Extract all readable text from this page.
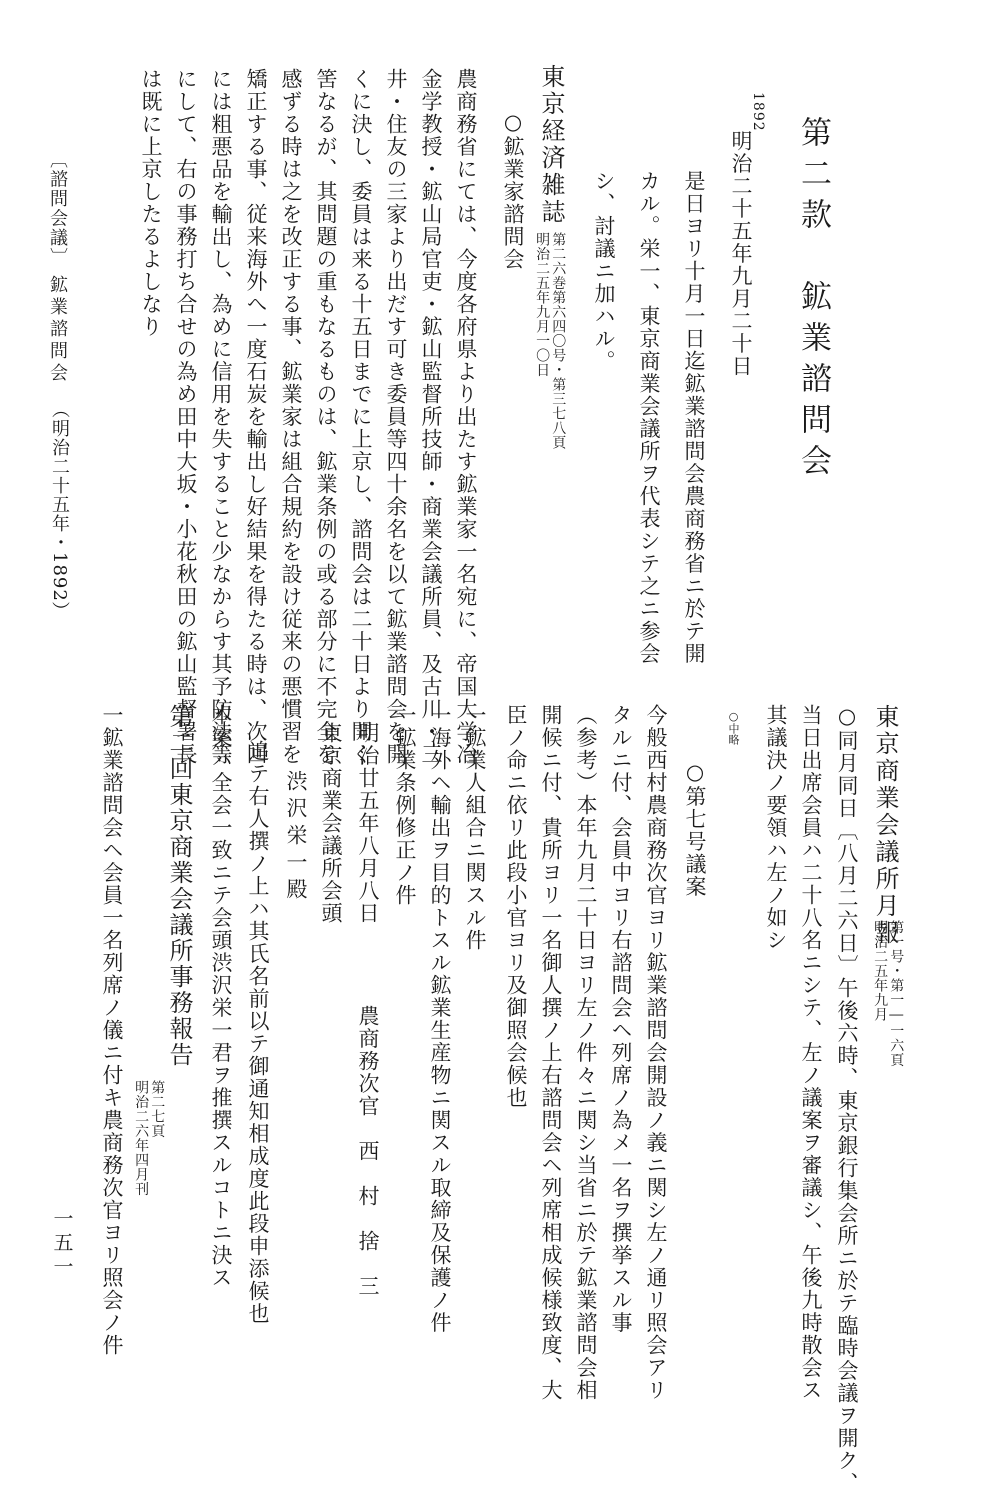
第二款　鉱業諮問会
1892
明治二十五年九月二十日
是日ヨリ十月一日迄鉱業諮問会農商務省ニ於テ開
カル。栄一、東京商業会議所ヲ代表シテ之ニ参会
シ、討議ニ加ハル。
東京経済雑誌
第二六巻第六四〇号・第三七八頁
明治二五年九月一〇日
○鉱業家諮問会
農商務省にては、今度各府県より出たす鉱業家一名宛に、帝国大学冶
金学教授・鉱山局官吏・鉱山監督所技師・商業会議所員、及古川・三
井・住友の三家より出だす可き委員等四十余名を以て鉱業諮問会を開
くに決し、委員は来る十五日までに上京し、諮問会は二十日より開く
筈なるが、其問題の重もなるものは、鉱業条例の或る部分に不完全を
感ずる時は之を改正する事、鉱業家は組合規約を設け従来の悪慣習を
矯正する事、従来海外へ一度石炭を輸出し好結果を得たる時は、次回
には粗悪品を輸出し、為めに信用を失すること少なからす其予防法等
にして、右の事務打ち合せの為め田中大坂・小花秋田の鉱山監督署長
は既に上京したるよしなり
〔諮問会議〕
鉱業諮問会
（明治二十五年・1892）
東京商業会議所月報
第一号・第一―一六頁
明治二五年九月
○同月同日〔八月二六日〕午後六時、東京銀行集会所ニ於テ臨時会議ヲ開ク、
当日出席会員ハ二十八名ニシテ、左ノ議案ヲ審議シ、午後九時散会ス
其議決ノ要領ハ左ノ如シ
○中略
○第七号議案
今般西村農商務次官ヨリ鉱業諮問会開設ノ義ニ関シ左ノ通リ照会アリ
タルニ付、会員中ヨリ右諮問会ヘ列席ノ為メ一名ヲ撰挙スル事
（参考）本年九月二十日ヨリ左ノ件々ニ関シ当省ニ於テ鉱業諮問会相
開候ニ付、貴所ヨリ一名御人撰ノ上右諮問会ヘ列席相成候様致度、大
臣ノ命ニ依リ此段小官ヨリ及御照会候也
一鉱業人組合ニ関スル件
一海外ヘ輸出ヲ目的トスル鉱業生産物ニ関スル取締及保護ノ件
一鉱業条例修正ノ件
明治廿五年八月八日
農商務次官　西　村　捨　三
東京商業会議所会頭
渋沢栄一殿
追テ右人撰ノ上ハ其氏名前以テ御通知相成度此段申添候也
本案ハ全会一致ニテ会頭渋沢栄一君ヲ推撰スルコトニ決ス
第二回東京商業会議所事務報告
第二七頁
明治二六年四月刊
一鉱業諮問会ヘ会員一名列席ノ儀ニ付キ農商務次官ヨリ照会ノ件
一五一
